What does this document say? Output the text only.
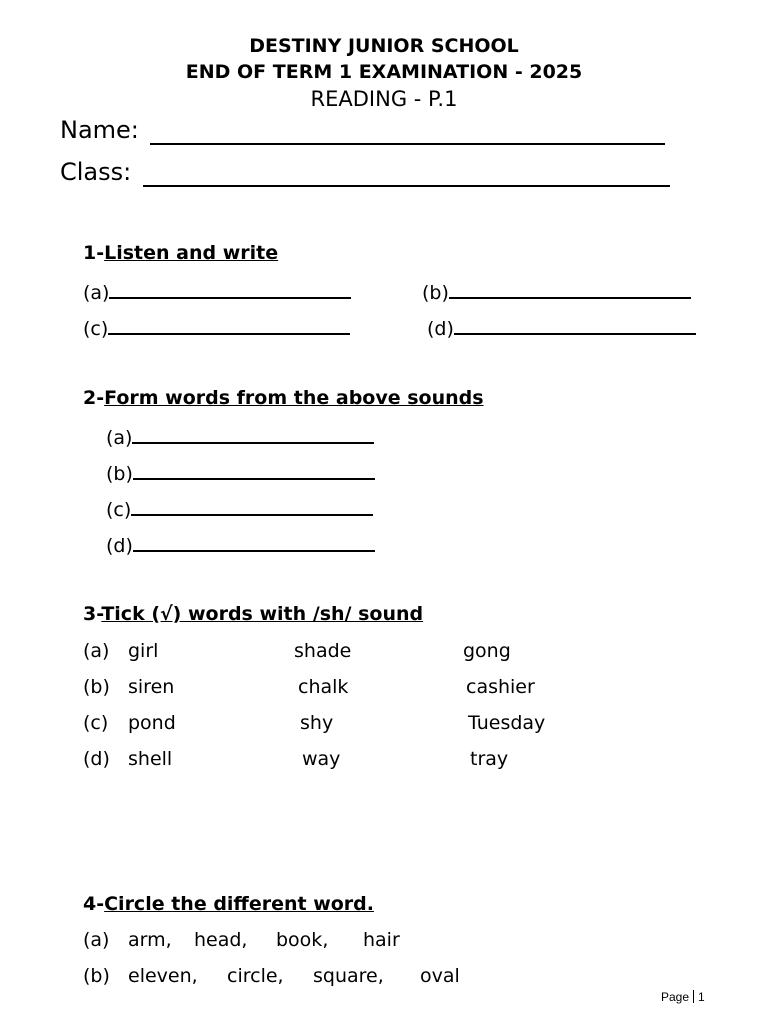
DESTINY JUNIOR SCHOOL
END OF TERM 1 EXAMINATION - 2025
READING - P.1
Name:
Class:
1-Listen and write
(a)	(b)
(c)	(d)
2-Form words from the above sounds
(a)
(b)
(c)
(d)
3-Tick (√) words with /sh/ sound
(a) girl	shade	gong
(b) siren	chalk	cashier
(c) pond	shy	Tuesday
(d) shell	way	tray
4-Circle the different word.
(a) arm, head, book, hair
(b) eleven, circle, square, oval
Page 1
